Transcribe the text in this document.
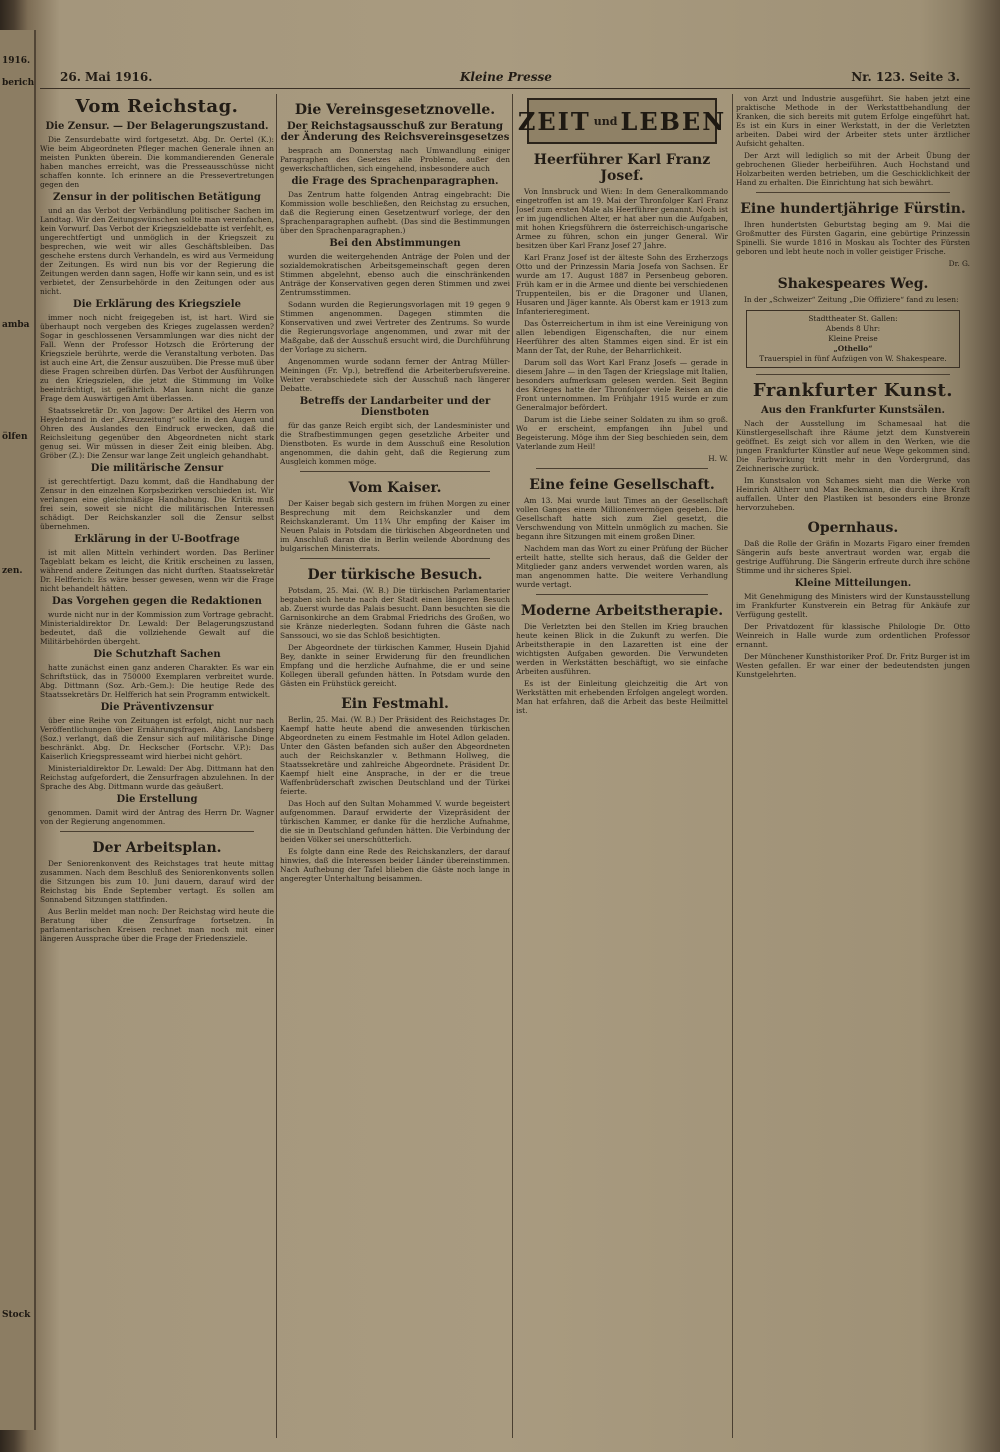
1916.
berich
amba
ölfen
zen.
Stock
26. Mai 1916.	Kleine Presse	Nr. 123. Seite 3.
Vom Reichstag.
Die Zensur. — Der Belagerungszustand.

Die Zensurdebatte wird fortgesetzt. Abg. Dr. Oertel (K.): Wie beim Abgeordneten Pfleger machen Generale ihnen an meisten Punkten überein. Die kommandierenden Generale haben manches erreicht, was die Presseausschüsse nicht schaffen konnte. Ich erinnere an die Pressevertretungen gegen den

Zensur in der politischen Betätigung

und an das Verbot der Verbändlung politischer Sachen im Landtag. Wir den Zeitungswünschen sollte man vereinfachen, kein Vorwurf. Das Verbot der Kriegszieldebatte ist verfehlt, es ungerechtfertigt und unmöglich in der Kriegszeit zu besprechen, wie weit wir alles Geschäftsbleiben. Das geschehe erstens durch Verhandeln, es wird aus Vermeidung der Zeitungen. Es wird nun bis vor der Regierung die Zeitungen werden dann sagen, Hoffe wir kann sein, und es ist verbietet, der Zensurbehörde in den Zeitungen oder aus nicht.

Die Erklärung des Kriegsziele

immer noch nicht freigegeben ist, ist hart. Wird sie überhaupt noch vergeben des Krieges zugelassen werden? Sogar in geschlossenen Versammlungen war dies nicht der Fall. Wenn der Professor Hotzsch die Erörterung der Kriegsziele berührte, werde die Veranstaltung verboten. Das ist auch eine Art, die Zensur auszuüben. Die Presse muß über diese Fragen schreiben dürfen. Das Verbot der Ausführungen zu den Kriegszielen, die jetzt die Stimmung im Volke beeinträchtigt, ist gefährlich. Man kann nicht die ganze Frage dem Auswärtigen Amt überlassen.

Staatssekretär Dr. von Jagow: Der Artikel des Herrn von Heydebrand in der „Kreuzzeitung“ sollte in den Augen und Ohren des Auslandes den Eindruck erwecken, daß die Reichsleitung gegenüber den Abgeordneten nicht stark genug sei. Wir müssen in dieser Zeit einig bleiben. Abg. Gröber (Z.): Die Zensur war lange Zeit ungleich gehandhabt.

Die militärische Zensur

ist gerechtfertigt. Dazu kommt, daß die Handhabung der Zensur in den einzelnen Korpsbezirken verschieden ist. Wir verlangen eine gleichmäßige Handhabung. Die Kritik muß frei sein, soweit sie nicht die militärischen Interessen schädigt. Der Reichskanzler soll die Zensur selbst übernehmen.

Erklärung in der U-Bootfrage

ist mit allen Mitteln verhindert worden. Das Berliner Tageblatt bekam es leicht, die Kritik erscheinen zu lassen, während andere Zeitungen das nicht durften. Staatssekretär Dr. Helfferich: Es wäre besser gewesen, wenn wir die Frage nicht behandelt hätten.

Das Vorgehen gegen die Redaktionen

wurde nicht nur in der Kommission zum Vortrage gebracht. Ministerialdirektor Dr. Lewald: Der Belagerungszustand bedeutet, daß die vollziehende Gewalt auf die Militärbehörden übergeht.

Die Schutzhaft Sachen

hatte zunächst einen ganz anderen Charakter. Es war ein Schriftstück, das in 750000 Exemplaren verbreitet wurde. Abg. Dittmann (Soz. Arb.-Gem.): Die heutige Rede des Staatssekretärs Dr. Helfferich hat sein Programm entwickelt.

Die Präventivzensur

über eine Reihe von Zeitungen ist erfolgt, nicht nur nach Veröffentlichungen über Ernährungsfragen. Abg. Landsberg (Soz.) verlangt, daß die Zensur sich auf militärische Dinge beschränkt. Abg. Dr. Heckscher (Fortschr. V.P.): Das Kaiserlich Kriegspresseamt wird hierbei nicht gehört.

Ministerialdirektor Dr. Lewald: Der Abg. Dittmann hat den Reichstag aufgefordert, die Zensurfragen abzulehnen. In der Sprache des Abg. Dittmann wurde das geäußert.

Die Erstellung

genommen. Damit wird der Antrag des Herrn Dr. Wagner von der Regierung angenommen.

Der Arbeitsplan.

Der Seniorenkonvent des Reichstages trat heute mittag zusammen. Nach dem Beschluß des Seniorenkonvents sollen die Sitzungen bis zum 10. Juni dauern, darauf wird der Reichstag bis Ende September vertagt. Es sollen am Sonnabend Sitzungen stattfinden.

Aus Berlin meldet man noch: Der Reichstag wird heute die Beratung über die Zensurfrage fortsetzen. In parlamentarischen Kreisen rechnet man noch mit einer längeren Aussprache über die Frage der Friedensziele.

Die Vereinsgesetznovelle.
Der Reichstagsausschuß zur Beratung der Änderung des Reichsvereinsgesetzes

besprach am Donnerstag nach Umwandlung einiger Paragraphen des Gesetzes alle Probleme, außer den gewerkschaftlichen, sich eingehend, insbesondere auch

die Frage des Sprachenparagraphen.

Das Zentrum hatte folgenden Antrag eingebracht: Die Kommission wolle beschließen, den Reichstag zu ersuchen, daß die Regierung einen Gesetzentwurf vorlege, der den Sprachenparagraphen aufhebt. (Das sind die Bestimmungen über den Sprachenparagraphen.)

Bei den Abstimmungen

wurden die weitergehenden Anträge der Polen und der sozialdemokratischen Arbeitsgemeinschaft gegen deren Stimmen abgelehnt, ebenso auch die einschränkenden Anträge der Konservativen gegen deren Stimmen und zwei Zentrumsstimmen.

Sodann wurden die Regierungsvorlagen mit 19 gegen 9 Stimmen angenommen. Dagegen stimmten die Konservativen und zwei Vertreter des Zentrums. So wurde die Regierungsvorlage angenommen, und zwar mit der Maßgabe, daß der Ausschuß ersucht wird, die Durchführung der Vorlage zu sichern.

Angenommen wurde sodann ferner der Antrag Müller-Meiningen (Fr. Vp.), betreffend die Arbeiterberufsvereine. Weiter verabschiedete sich der Ausschuß nach längerer Debatte.

Betreffs der Landarbeiter und der Dienstboten

für das ganze Reich ergibt sich, der Landesminister und die Strafbestimmungen gegen gesetzliche Arbeiter und Dienstboten. Es wurde in dem Ausschuß eine Resolution angenommen, die dahin geht, daß die Regierung zum Ausgleich kommen möge.

Vom Kaiser.

Der Kaiser begab sich gestern im frühen Morgen zu einer Besprechung mit dem Reichskanzler und dem Reichskanzleramt. Um 11¾ Uhr empfing der Kaiser im Neuen Palais in Potsdam die türkischen Abgeordneten und im Anschluß daran die in Berlin weilende Abordnung des bulgarischen Ministerrats.

Der türkische Besuch.

Potsdam, 25. Mai. (W. B.) Die türkischen Parlamentarier begaben sich heute nach der Stadt einen längeren Besuch ab. Zuerst wurde das Palais besucht. Dann besuchten sie die Garnisonkirche an dem Grabmal Friedrichs des Großen, wo sie Kränze niederlegten. Sodann fuhren die Gäste nach Sanssouci, wo sie das Schloß besichtigten.

Der Abgeordnete der türkischen Kammer, Husein Djahid Bey, dankte in seiner Erwiderung für den freundlichen Empfang und die herzliche Aufnahme, die er und seine Kollegen überall gefunden hätten. In Potsdam wurde den Gästen ein Frühstück gereicht.

Ein Festmahl.

Berlin, 25. Mai. (W. B.) Der Präsident des Reichstages Dr. Kaempf hatte heute abend die anwesenden türkischen Abgeordneten zu einem Festmahle im Hotel Adlon geladen. Unter den Gästen befanden sich außer den Abgeordneten auch der Reichskanzler v. Bethmann Hollweg, die Staatssekretäre und zahlreiche Abgeordnete. Präsident Dr. Kaempf hielt eine Ansprache, in der er die treue Waffenbrüderschaft zwischen Deutschland und der Türkei feierte.

Das Hoch auf den Sultan Mohammed V. wurde begeistert aufgenommen. Darauf erwiderte der Vizepräsident der türkischen Kammer, er danke für die herzliche Aufnahme, die sie in Deutschland gefunden hätten. Die Verbindung der beiden Völker sei unerschütterlich.

Es folgte dann eine Rede des Reichskanzlers, der darauf hinwies, daß die Interessen beider Länder übereinstimmen. Nach Aufhebung der Tafel blieben die Gäste noch lange in angeregter Unterhaltung beisammen.

ZEIT und LEBEN
Heerführer Karl Franz Josef.

Von Innsbruck und Wien: In dem Generalkommando eingetroffen ist am 19. Mai der Thronfolger Karl Franz Josef zum ersten Male als Heerführer genannt. Noch ist er im jugendlichen Alter, er hat aber nun die Aufgaben, mit hohen Kriegsführern die österreichisch-ungarische Armee zu führen, schon ein junger General. Wir besitzen über Karl Franz Josef 27 Jahre.

Karl Franz Josef ist der älteste Sohn des Erzherzogs Otto und der Prinzessin Maria Josefa von Sachsen. Er wurde am 17. August 1887 in Persenbeug geboren. Früh kam er in die Armee und diente bei verschiedenen Truppenteilen, bis er die Dragoner und Ulanen, Husaren und Jäger kannte. Als Oberst kam er 1913 zum Infanterieregiment.

Das Österreichertum in ihm ist eine Vereinigung von allen lebendigen Eigenschaften, die nur einem Heerführer des alten Stammes eigen sind. Er ist ein Mann der Tat, der Ruhe, der Beharrlichkeit.

Darum soll das Wort Karl Franz Josefs — gerade in diesem Jahre — in den Tagen der Kriegslage mit Italien, besonders aufmerksam gelesen werden. Seit Beginn des Krieges hatte der Thronfolger viele Reisen an die Front unternommen. Im Frühjahr 1915 wurde er zum Generalmajor befördert.

Darum ist die Liebe seiner Soldaten zu ihm so groß. Wo er erscheint, empfangen ihn Jubel und Begeisterung. Möge ihm der Sieg beschieden sein, dem Vaterlande zum Heil!

H. W.

Eine feine Gesellschaft.

Am 13. Mai wurde laut Times an der Gesellschaft vollen Ganges einem Millionenvermögen gegeben. Die Gesellschaft hatte sich zum Ziel gesetzt, die Verschwendung von Mitteln unmöglich zu machen. Sie begann ihre Sitzungen mit einem großen Diner.

Nachdem man das Wort zu einer Prüfung der Bücher erteilt hatte, stellte sich heraus, daß die Gelder der Mitglieder ganz anders verwendet worden waren, als man angenommen hatte. Die weitere Verhandlung wurde vertagt.

Moderne Arbeitstherapie.

Die Verletzten bei den Stellen im Krieg brauchen heute keinen Blick in die Zukunft zu werfen. Die Arbeitstherapie in den Lazaretten ist eine der wichtigsten Aufgaben geworden. Die Verwundeten werden in Werkstätten beschäftigt, wo sie einfache Arbeiten ausführen.

Es ist der Einleitung gleichzeitig die Art von Werkstätten mit erhebenden Erfolgen angelegt worden. Man hat erfahren, daß die Arbeit das beste Heilmittel ist.

von Arzt und Industrie ausgeführt. Sie haben jetzt eine praktische Methode in der Werkstattbehandlung der Kranken, die sich bereits mit gutem Erfolge eingeführt hat. Es ist ein Kurs in einer Werkstatt, in der die Verletzten arbeiten. Dabei wird der Arbeiter stets unter ärztlicher Aufsicht gehalten.

Der Arzt will lediglich so mit der Arbeit Übung der gebrochenen Glieder herbeiführen. Auch Hochstand und Holzarbeiten werden betrieben, um die Geschicklichkeit der Hand zu erhalten. Die Einrichtung hat sich bewährt.

Eine hundertjährige Fürstin.

Ihren hundertsten Geburtstag beging am 9. Mai die Großmutter des Fürsten Gagarin, eine gebürtige Prinzessin Spinelli. Sie wurde 1816 in Moskau als Tochter des Fürsten geboren und lebt heute noch in voller geistiger Frische.

Dr. G.

Shakespeares Weg.

In der „Schweizer“ Zeitung „Die Offiziere“ fand zu lesen:

Stadttheater St. Gallen:
Abends 8 Uhr:
Kleine Preise
„Othello“
Trauerspiel in fünf Aufzügen von W. Shakespeare.
Frankfurter Kunst.
Aus den Frankfurter Kunstsälen.

Nach der Ausstellung im Schamesaal hat die Künstlergesellschaft ihre Räume jetzt dem Kunstverein geöffnet. Es zeigt sich vor allem in den Werken, wie die jungen Frankfurter Künstler auf neue Wege gekommen sind. Die Farbwirkung tritt mehr in den Vordergrund, das Zeichnerische zurück.

Im Kunstsalon von Schames sieht man die Werke von Heinrich Altherr und Max Beckmann, die durch ihre Kraft auffallen. Unter den Plastiken ist besonders eine Bronze hervorzuheben.

Opernhaus.

Daß die Rolle der Gräfin in Mozarts Figaro einer fremden Sängerin aufs beste anvertraut worden war, ergab die gestrige Aufführung. Die Sängerin erfreute durch ihre schöne Stimme und ihr sicheres Spiel.

Kleine Mitteilungen.

Mit Genehmigung des Ministers wird der Kunstausstellung im Frankfurter Kunstverein ein Betrag für Ankäufe zur Verfügung gestellt.

Der Privatdozent für klassische Philologie Dr. Otto Weinreich in Halle wurde zum ordentlichen Professor ernannt.

Der Münchener Kunsthistoriker Prof. Dr. Fritz Burger ist im Westen gefallen. Er war einer der bedeutendsten jungen Kunstgelehrten.
